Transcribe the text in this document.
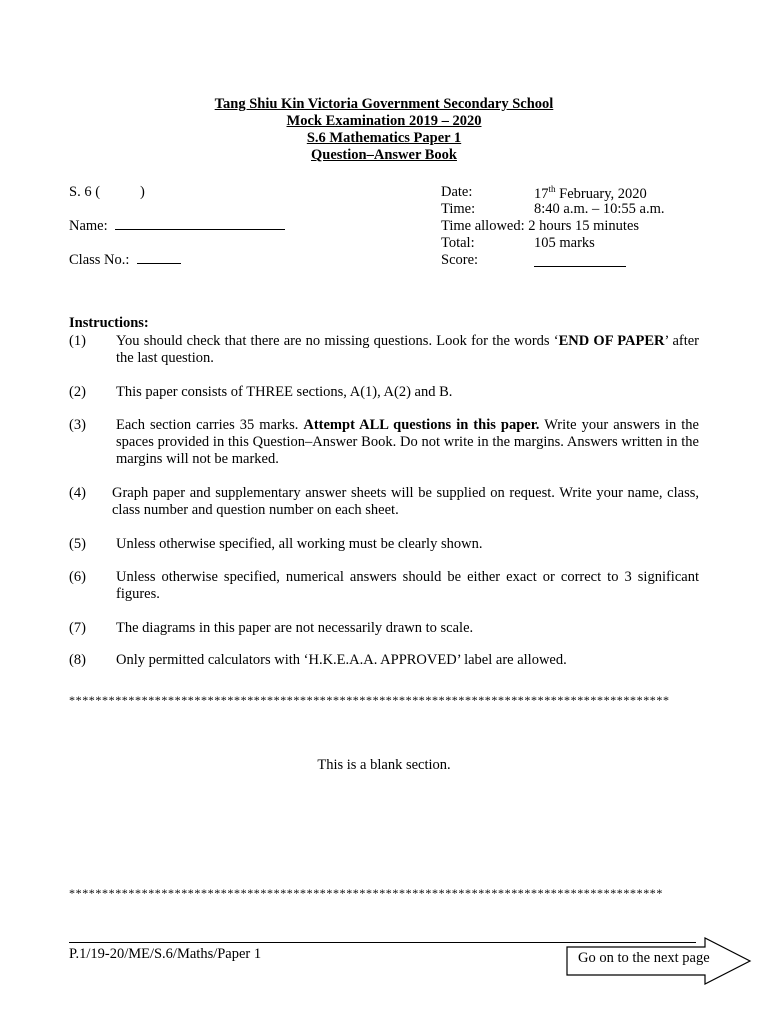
Tang Shiu Kin Victoria Government Secondary School
Mock Examination 2019 – 2020
S.6 Mathematics Paper 1
Question–Answer Book
S. 6 (	)
Name:
Class No.:
Date:	17th February, 2020
Time:	8:40 a.m. – 10:55 a.m.
Time allowed: 2 hours 15 minutes
Total:	105 marks
Score:
Instructions:
(1) You should check that there are no missing questions. Look for the words ‘END OF PAPER’ after the last question.
(2) This paper consists of THREE sections, A(1), A(2) and B.
(3) Each section carries 35 marks. Attempt ALL questions in this paper. Write your answers in the spaces provided in this Question–Answer Book. Do not write in the margins. Answers written in the margins will not be marked.
(4) Graph paper and supplementary answer sheets will be supplied on request. Write your name, class, class number and question number on each sheet.
(5) Unless otherwise specified, all working must be clearly shown.
(6) Unless otherwise specified, numerical answers should be either exact or correct to 3 significant figures.
(7) The diagrams in this paper are not necessarily drawn to scale.
(8) Only permitted calculators with ‘H.K.E.A.A. APPROVED’ label are allowed.
*******************************************************************************************
This is a blank section.
******************************************************************************************
P.1/19-20/ME/S.6/Maths/Paper 1	Go on to the next page
